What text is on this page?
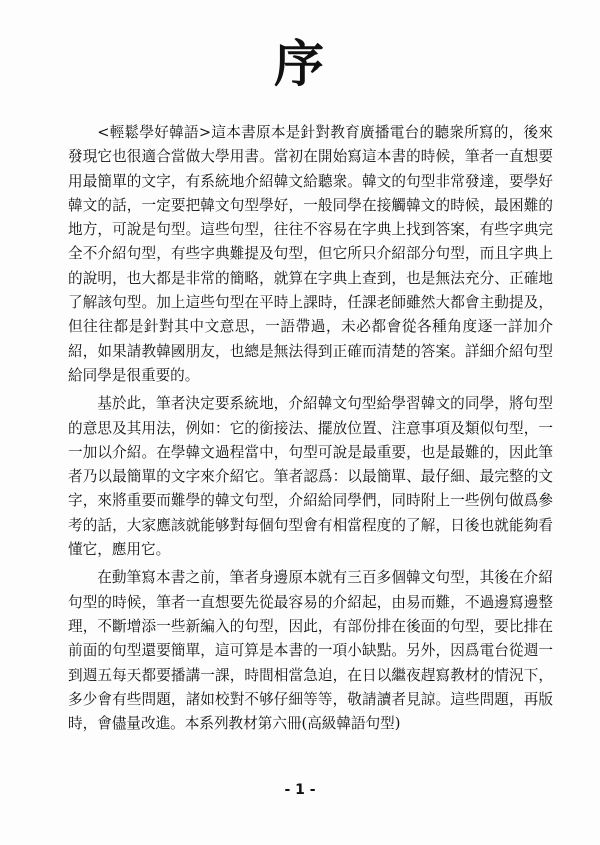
序

<輕鬆學好韓語>這本書原本是針對教育廣播電台的聽衆所寫的，後來發現它也很適合當做大學用書。當初在開始寫這本書的時候，筆者一直想要用最簡單的文字，有系統地介紹韓文給聽衆。韓文的句型非常發達，要學好韓文的話，一定要把韓文句型學好，一般同學在接觸韓文的時候，最困難的地方，可說是句型。這些句型，往往不容易在字典上找到答案，有些字典完全不介紹句型，有些字典難提及句型，但它所只介紹部分句型，而且字典上的說明，也大都是非常的簡略，就算在字典上查到，也是無法充分、正確地了解該句型。加上這些句型在平時上課時，任課老師雖然大都會主動提及，但往往都是針對其中文意思，一語帶過，未必都會從各種角度逐一詳加介紹，如果請教韓國朋友，也總是無法得到正確而清楚的答案。詳細介紹句型給同學是很重要的。

基於此，筆者決定要系統地，介紹韓文句型給學習韓文的同學，將句型的意思及其用法，例如：它的銜接法、擺放位置、注意事項及類似句型，一一加以介紹。在學韓文過程當中，句型可說是最重要，也是最難的，因此筆者乃以最簡單的文字來介紹它。筆者認爲：以最簡單、最仔細、最完整的文字，來將重要而難學的韓文句型，介紹給同學們，同時附上一些例句做爲參考的話，大家應該就能够對每個句型會有相當程度的了解，日後也就能夠看懂它，應用它。

在動筆寫本書之前，筆者身邊原本就有三百多個韓文句型，其後在介紹句型的時候，筆者一直想要先從最容易的介紹起，由易而難，不過邊寫邊整理，不斷增添一些新編入的句型，因此，有部份排在後面的句型，要比排在前面的句型還要簡單，這可算是本書的一項小缺點。另外，因爲電台從週一到週五每天都要播講一課，時間相當急迫，在日以繼夜趕寫教材的情況下，多少會有些問題，諸如校對不够仔細等等，敬請讀者見諒。這些問題，再版時，會儘量改進。本系列教材第六冊(高級韓語句型)

- 1 -
